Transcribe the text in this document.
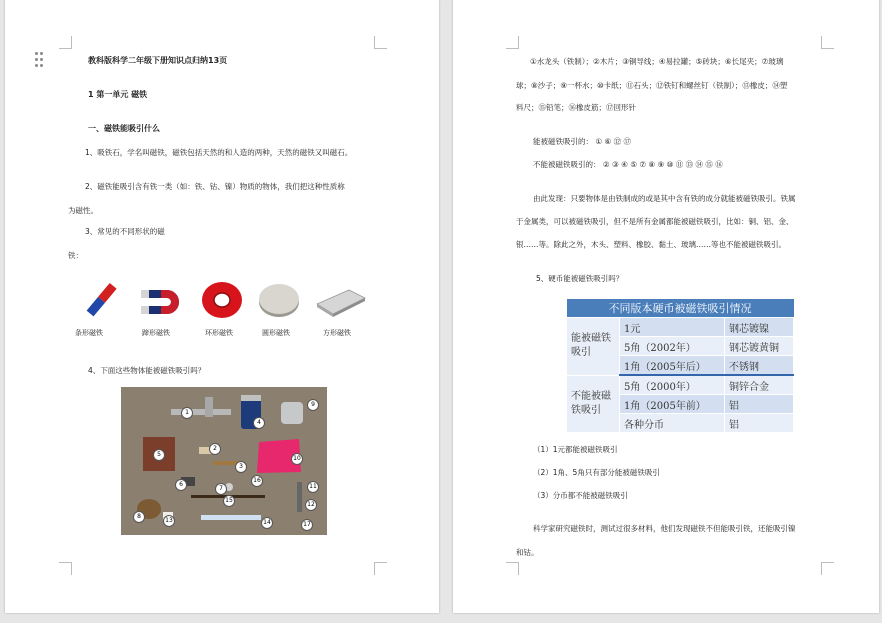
教科版科学二年级下册知识点归纳13页
1 第一单元 磁铁
一、磁铁能吸引什么
1、吸铁石，学名叫磁铁，磁铁包括天然的和人造的两种，天然的磁铁又叫磁石。
2、磁铁能吸引含有铁一类（如：铁、钴、镍）物质的物体，我们把这种性质称
为磁性。
3、常见的不同形状的磁
铁：
条形磁铁	蹄形磁铁	环形磁铁	圆形磁铁	方形磁铁
4、下面这些物体能被磁铁吸引吗？
1
2
3
4
5
6
7
8
9
10
11
12
13	14
15
16
17
①水龙头（铁制）；②木片；③铜导线；④易拉罐；⑤砖块；⑥长尾夹；⑦玻璃
球；⑧沙子；⑨一杯水；⑩卡纸；⑪石头；⑫铁钉和螺丝钉（铁制）；⑬橡皮；⑭塑
料尺；⑮铅笔；⑯橡皮筋；⑰回形针
能被磁铁吸引的： ① ⑥ ⑫ ⑰
不能被磁铁吸引的： ② ③ ④ ⑤ ⑦ ⑧ ⑨ ⑩ ⑪ ⑬ ⑭ ⑮ ⑯
由此发现：只要物体是由铁制成的或是其中含有铁的成分就能被磁铁吸引。铁属
于金属类，可以被磁铁吸引，但不是所有金属都能被磁铁吸引，比如：铜、铝、金、
银……等。除此之外，木头、塑料、橡胶、黏土、玻璃……等也不能被磁铁吸引。
5、硬币能被磁铁吸引吗？
不同版本硬币被磁铁吸引情况		

能被磁铁吸引	1元	钢芯镀镍
	5角（2002年）	钢芯镀黄铜
	1角（2005年后）	不锈钢

不能被磁铁吸引	5角（2000年）	铜锌合金
	1角（2005年前）	铝
	各种分币	铝
（1）1元都能被磁铁吸引
（2）1角、5角只有部分能被磁铁吸引
（3）分币都不能被磁铁吸引
科学家研究磁铁时，测试过很多材料，他们发现磁铁不但能吸引铁，还能吸引镍
和钴。
